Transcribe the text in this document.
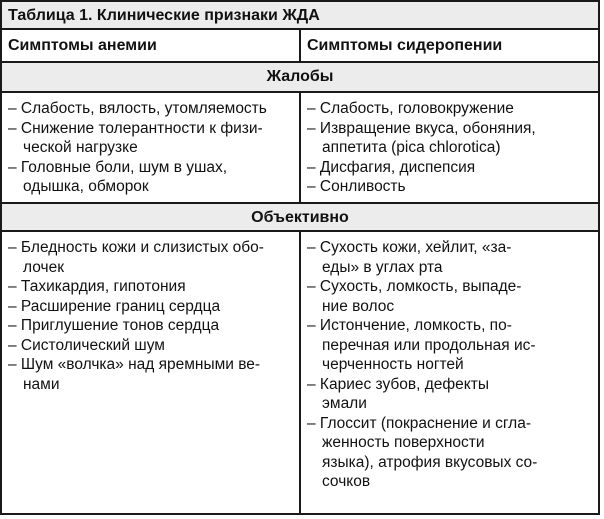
Таблица 1. Клинические признаки ЖДА
Симптомы анемии	Симптомы сидеропении
Жалобы
– Слабость, вялость, утомляемость
– Снижение толерантности к физи-
ческой нагрузке
– Головные боли, шум в ушах,
одышка, обморок
– Слабость, головокружение
– Извращение вкуса, обоняния,
аппетита (pica chlorotica)
– Дисфагия, диспепсия
– Сонливость
Объективно
– Бледность кожи и слизистых обо-
лочек
– Тахикардия, гипотония
– Расширение границ сердца
– Приглушение тонов сердца
– Систолический шум
– Шум «волчка» над яремными ве-
нами
– Сухость кожи, хейлит, «за-
еды» в углах рта
– Сухость, ломкость, выпаде-
ние волос
– Истончение, ломкость, по-
перечная или продольная ис-
черченность ногтей
– Кариес зубов, дефекты
эмали
– Глоссит (покраснение и сгла-
женность поверхности
языка), атрофия вкусовых со-
сочков
